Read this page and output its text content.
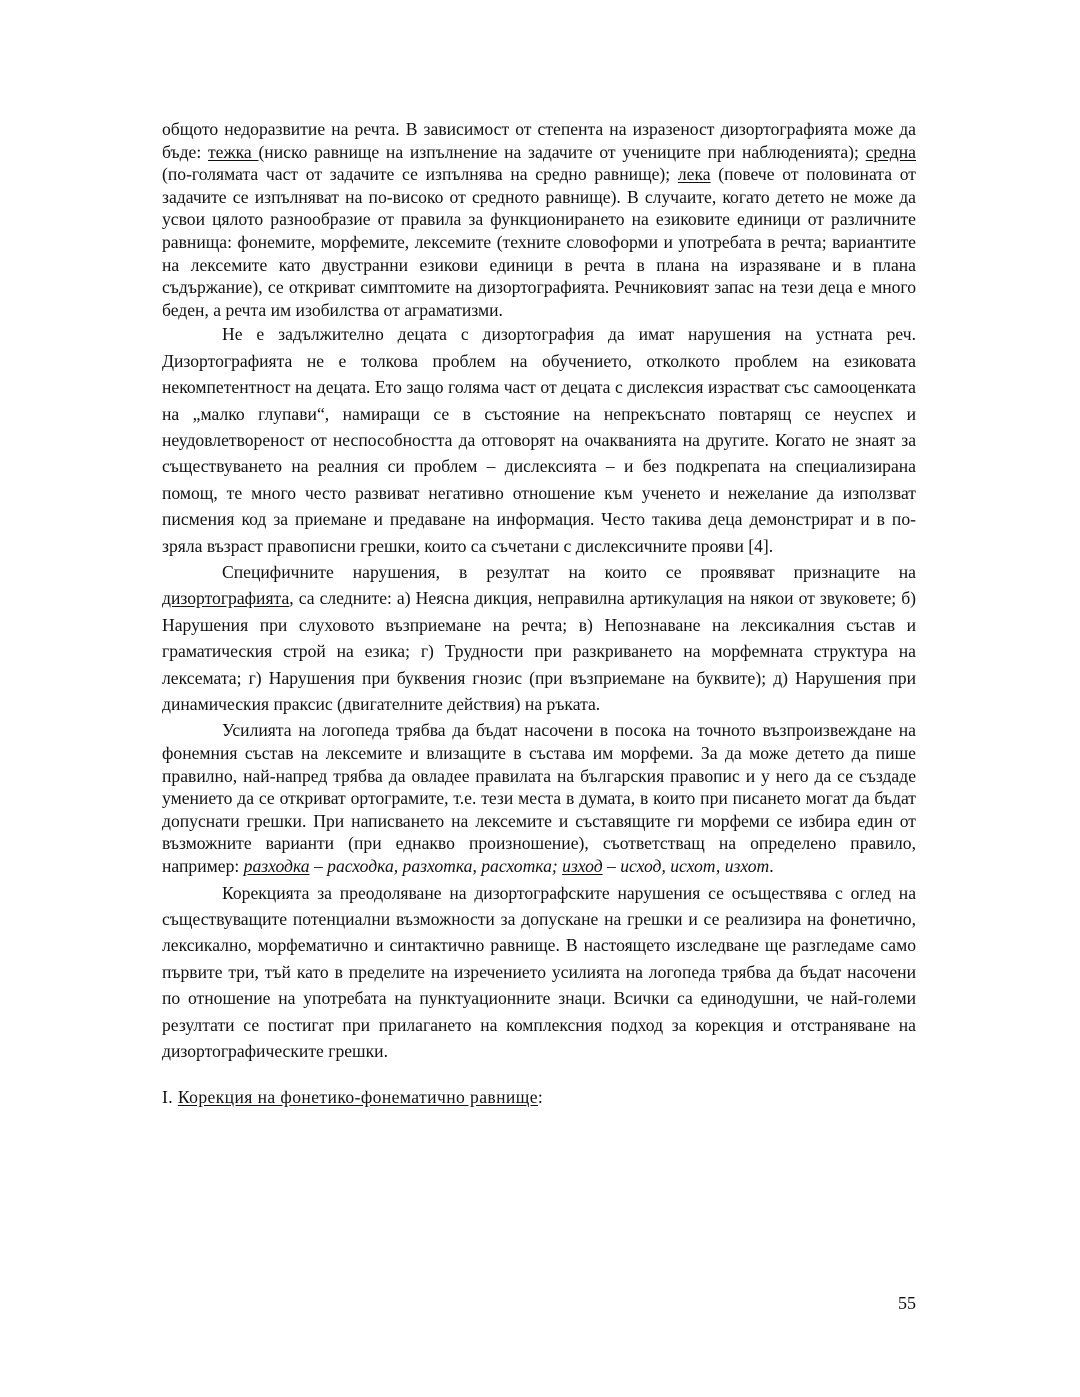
общото недоразвитие на речта. В зависимост от степента на изразеност дизортографията може да бъде: тежка (ниско равнище на изпълнение на задачите от учениците при наблюденията); средна (по-голямата част от задачите се изпълнява на средно равнище); лека (повече от половината от задачите се изпълняват на по-високо от средното равнище). В случаите, когато детето не може да усвои цялото разнообразие от правила за функционирането на езиковите единици от различните равнища: фонемите, морфемите, лексемите (техните словоформи и употребата в речта; вариантите на лексемите като двустранни езикови единици в речта в плана на изразяване и в плана съдържание), се откриват симптомите на дизортографията. Речниковият запас на тези деца е много беден, а речта им изобилства от аграматизми.

Не е задължително децата с дизортография да имат нарушения на устната реч. Дизортографията не е толкова проблем на обучението, отколкото проблем на езиковата некомпетентност на децата. Ето защо голяма част от децата с дислексия израстват със самооценката на „малко глупави“, намиращи се в състояние на непрекъснато повтарящ се неуспех и неудовлетвореност от неспособността да отговорят на очакванията на другите. Когато не знаят за съществуването на реалния си проблем – дислексията – и без подкрепата на специализирана помощ, те много често развиват негативно отношение към ученето и нежелание да използват писмения код за приемане и предаване на информация. Често такива деца демонстрират и в по-зряла възраст правописни грешки, които са съчетани с дислексичните прояви [4].

Специфичните нарушения, в резултат на които се проявяват признаците на дизортографията, са следните: а) Неясна дикция, неправилна артикулация на някои от звуковете; б) Нарушения при слуховото възприемане на речта; в) Непознаване на лексикалния състав и граматическия строй на езика; г) Трудности при разкриването на морфемната структура на лексемата; г) Нарушения при буквения гнозис (при възприемане на буквите); д) Нарушения при динамическия праксис (двигателните действия) на ръката.

Усилията на логопеда трябва да бъдат насочени в посока на точното възпроизвеждане на фонемния състав на лексемите и влизащите в състава им морфеми. За да може детето да пише правилно, най-напред трябва да овладее правилата на българския правопис и у него да се създаде умението да се откриват ортограмите, т.е. тези места в думата, в които при писането могат да бъдат допуснати грешки. При написването на лексемите и съставящите ги морфеми се избира един от възможните варианти (при еднакво произношение), съответстващ на определено правило, например: разходка – расходка, разхотка, расхотка; изход – исход, исхот, изхот.

Корекцията за преодоляване на дизортографските нарушения се осъществява с оглед на съществуващите потенциални възможности за допускане на грешки и се реализира на фонетично, лексикално, морфематично и синтактично равнище. В настоящето изследване ще разгледаме само първите три, тъй като в пределите на изречението усилията на логопеда трябва да бъдат насочени по отношение на употребата на пунктуационните знаци. Всички са единодушни, че най-големи резултати се постигат при прилагането на комплексния подход за корекция и отстраняване на дизортографическите грешки.

I. Корекция на фонетико-фонематично равнище:

55
